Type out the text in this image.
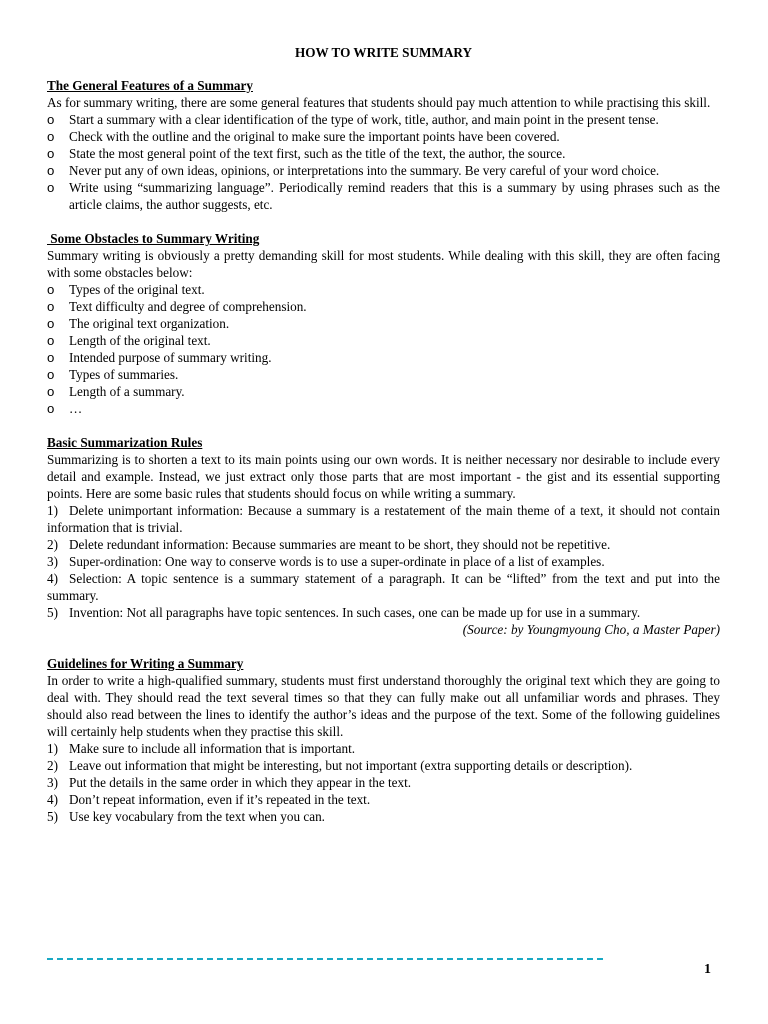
HOW TO WRITE SUMMARY

The General Features of a Summary

As for summary writing, there are some general features that students should pay much attention to while practising this skill.

o	Start a summary with a clear identification of the type of work, title, author, and main point in the present tense.
o	Check with the outline and the original to make sure the important points have been covered.
o	State the most general point of the text first, such as the title of the text, the author, the source.
o	Never put any of own ideas, opinions, or interpretations into the summary. Be very careful of your word choice.
o	Write using “summarizing language”. Periodically remind readers that this is a summary by using phrases such as the article claims, the author suggests, etc.

Some Obstacles to Summary Writing

Summary writing is obviously a pretty demanding skill for most students. While dealing with this skill, they are often facing with some obstacles below:

o	Types of the original text.
o	Text difficulty and degree of comprehension.
o	The original text organization.
o	Length of the original text.
o	Intended purpose of summary writing.
o	Types of summaries.
o	Length of a summary.
o	…

Basic Summarization Rules

Summarizing is to shorten a text to its main points using our own words. It is neither necessary nor desirable to include every detail and example. Instead, we just extract only those parts that are most important - the gist and its essential supporting points. Here are some basic rules that students should focus on while writing a summary.

1) Delete unimportant information: Because a summary is a restatement of the main theme of a text, it should not contain information that is trivial.
2) Delete redundant information: Because summaries are meant to be short, they should not be repetitive.
3) Super-ordination: One way to conserve words is to use a super-ordinate in place of a list of examples.
4) Selection: A topic sentence is a summary statement of a paragraph. It can be “lifted” from the text and put into the summary.
5) Invention: Not all paragraphs have topic sentences. In such cases, one can be made up for use in a summary.

(Source: by Youngmyoung Cho, a Master Paper)

Guidelines for Writing a Summary

In order to write a high-qualified summary, students must first understand thoroughly the original text which they are going to deal with. They should read the text several times so that they can fully make out all unfamiliar words and phrases. They should also read between the lines to identify the author’s ideas and the purpose of the text. Some of the following guidelines will certainly help students when they practise this skill.

1) Make sure to include all information that is important.
2) Leave out information that might be interesting, but not important (extra supporting details or description).
3) Put the details in the same order in which they appear in the text.
4) Don’t repeat information, even if it’s repeated in the text.
5) Use key vocabulary from the text when you can.
1
